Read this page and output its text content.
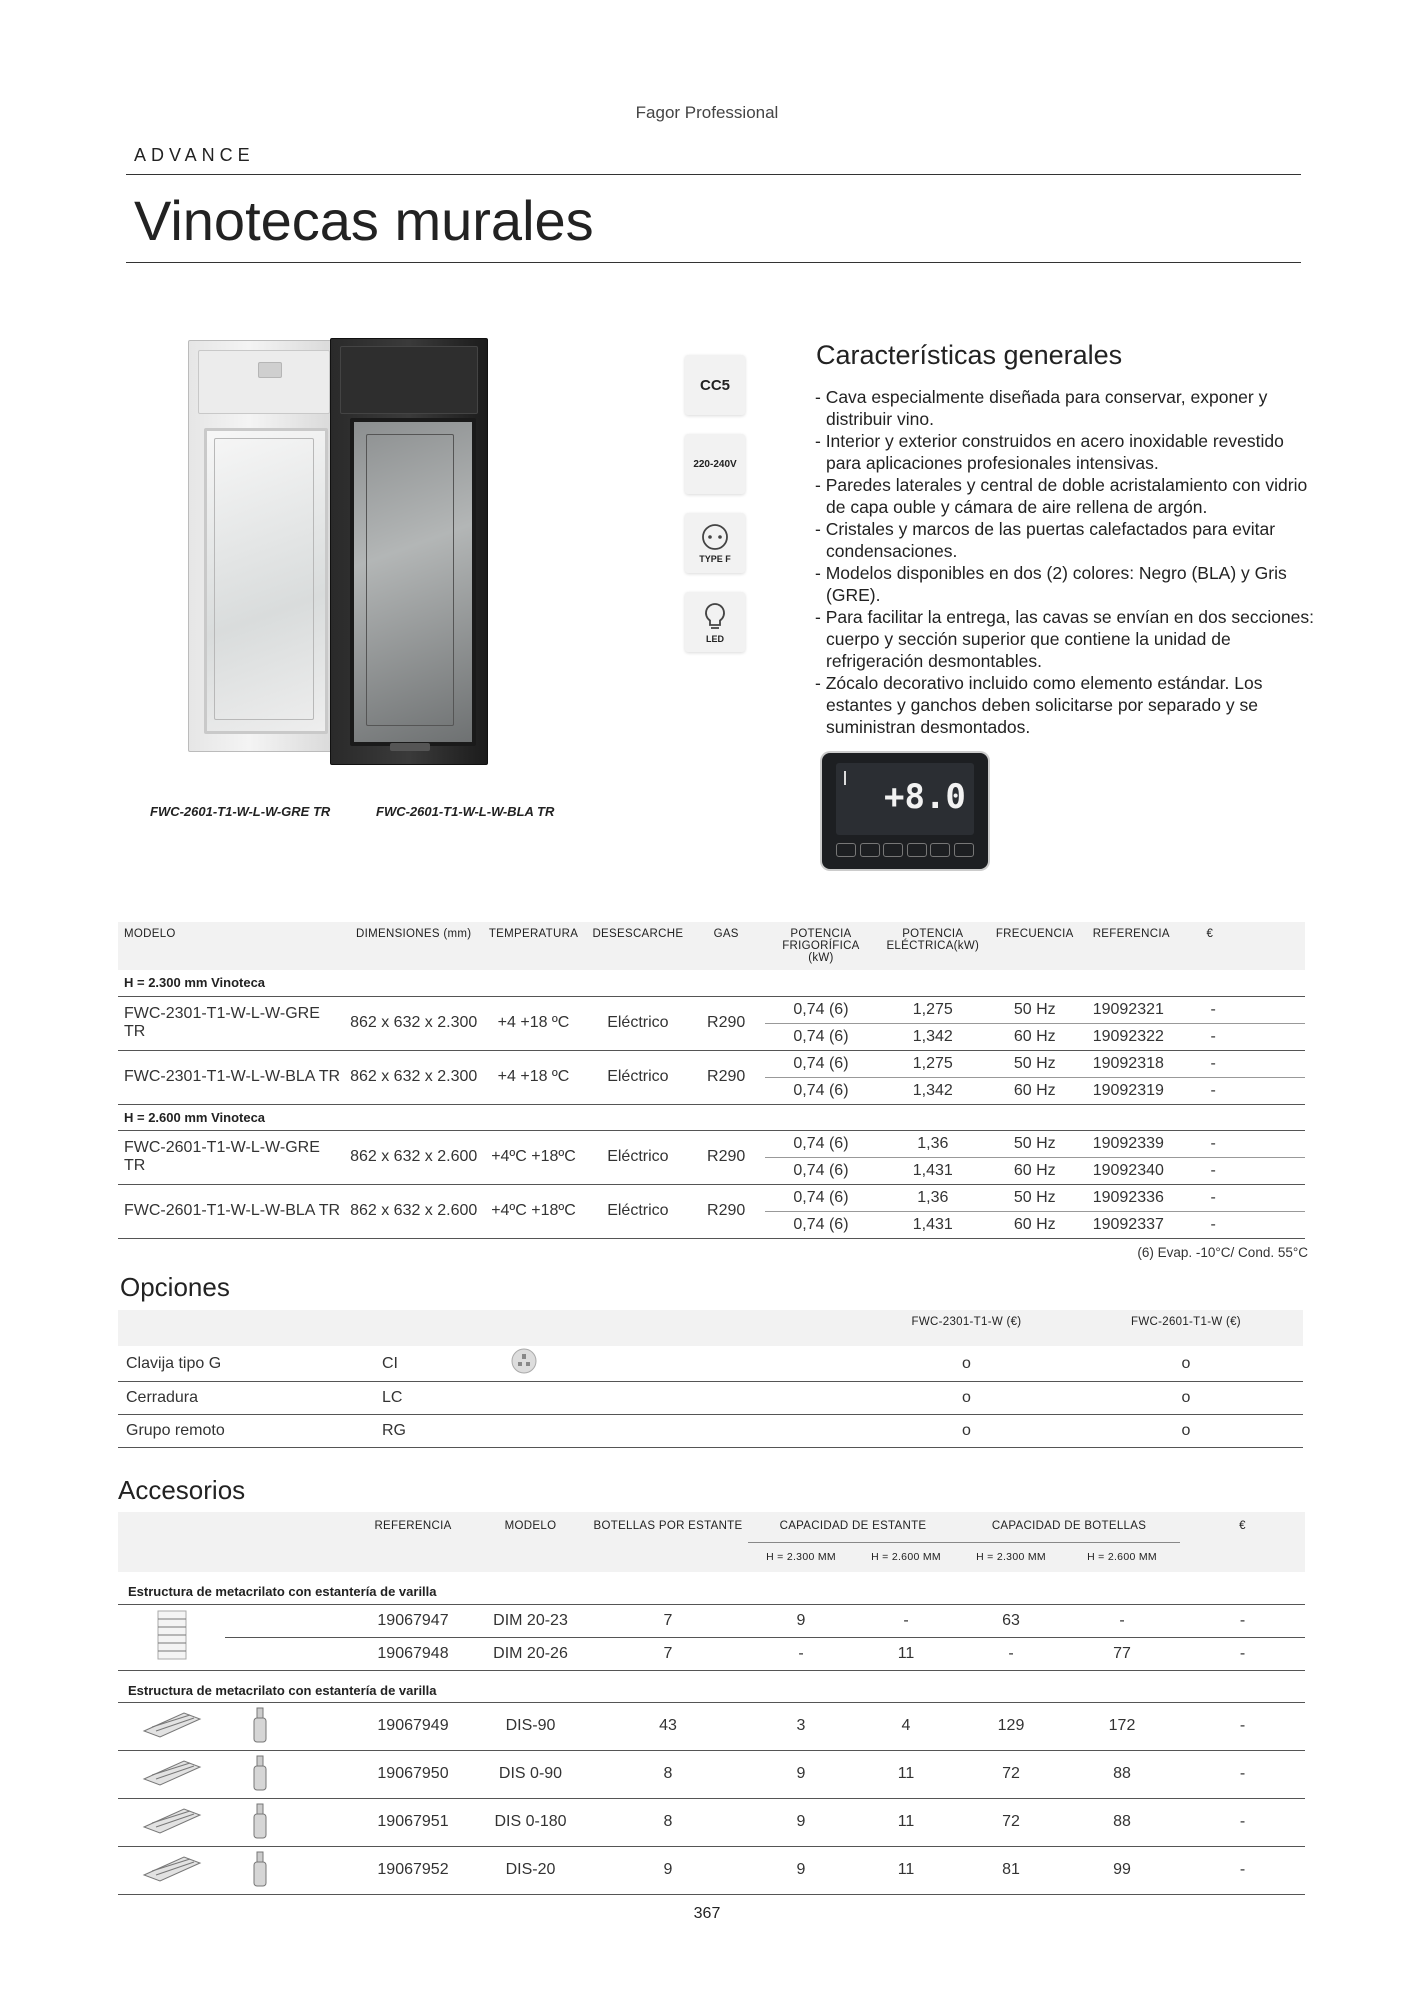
Fagor Professional
ADVANCE
Vinotecas murales
FWC-2601-T1-W-L-W-GRE TR	FWC-2601-T1-W-L-W-BLA TR
CC5
220-240V
TYPE F
LED
Características generales
- Cava especialmente diseñada para conservar, exponer y distribuir vino.
- Interior y exterior construidos en acero inoxidable revestido para aplicaciones profesionales intensivas.
- Paredes laterales y central de doble acristalamiento con vidrio de capa ouble y cámara de aire rellena de argón.
- Cristales y marcos de las puertas calefactados para evitar condensaciones.
- Modelos disponibles en dos (2) colores: Negro (BLA) y Gris (GRE).
- Para facilitar la entrega, las cavas se envían en dos secciones: cuerpo y sección superior que contiene la unidad de refrigeración desmontables.
- Zócalo decorativo incluido como elemento estándar. Los estantes y ganchos deben solicitarse por separado y se suministran desmontados.
+8.0
MODELO	DIMENSIONES (mm)	TEMPERATURA	DESESCARCHE	GAS	POTENCIA FRIGORÍFICA (kW)	POTENCIA ELÉCTRICA(kW)	FRECUENCIA	REFERENCIA	€
H = 2.300 mm Vinoteca									
FWC-2301-T1-W-L-W-GRE TR	862 x 632 x 2.300	+4 +18 ºC	Eléctrico	R290	0,74 (6)	1,275	50 Hz	19092321	-
					0,74 (6)	1,342	60 Hz	19092322	-
FWC-2301-T1-W-L-W-BLA TR	862 x 632 x 2.300	+4 +18 ºC	Eléctrico	R290	0,74 (6)	1,275	50 Hz	19092318	-
					0,74 (6)	1,342	60 Hz	19092319	-
H = 2.600 mm Vinoteca									
FWC-2601-T1-W-L-W-GRE TR	862 x 632 x 2.600	+4ºC +18ºC	Eléctrico	R290	0,74 (6)	1,36	50 Hz	19092339	-
					0,74 (6)	1,431	60 Hz	19092340	-
FWC-2601-T1-W-L-W-BLA TR	862 x 632 x 2.600	+4ºC +18ºC	Eléctrico	R290	0,74 (6)	1,36	50 Hz	19092336	-
					0,74 (6)	1,431	60 Hz	19092337	-
(6) Evap. -10°C/ Cond. 55°C
Opciones
			FWC-2301-T1-W (€)	FWC-2601-T1-W (€)
Clavija tipo G	CI		o	o
Cerradura	LC		o	o
Grupo remoto	RG		o	o
Accesorios
		REFERENCIA	MODELO	BOTELLAS POR ESTANTE	CAPACIDAD DE ESTANTE		CAPACIDAD DE BOTELLAS		€
					H = 2.300 MM	H = 2.600 MM	H = 2.300 MM	H = 2.600 MM	
Estructura de metacrilato con estantería de varilla									
		19067947	DIM 20-23	7	9	-	63	-	-
		19067948	DIM 20-26	7	-	11	-	77	-
Estructura de metacrilato con estantería de varilla									
		19067949	DIS-90	43	3	4	129	172	-
		19067950	DIS 0-90	8	9	11	72	88	-
		19067951	DIS 0-180	8	9	11	72	88	-
		19067952	DIS-20	9	9	11	81	99	-
367
